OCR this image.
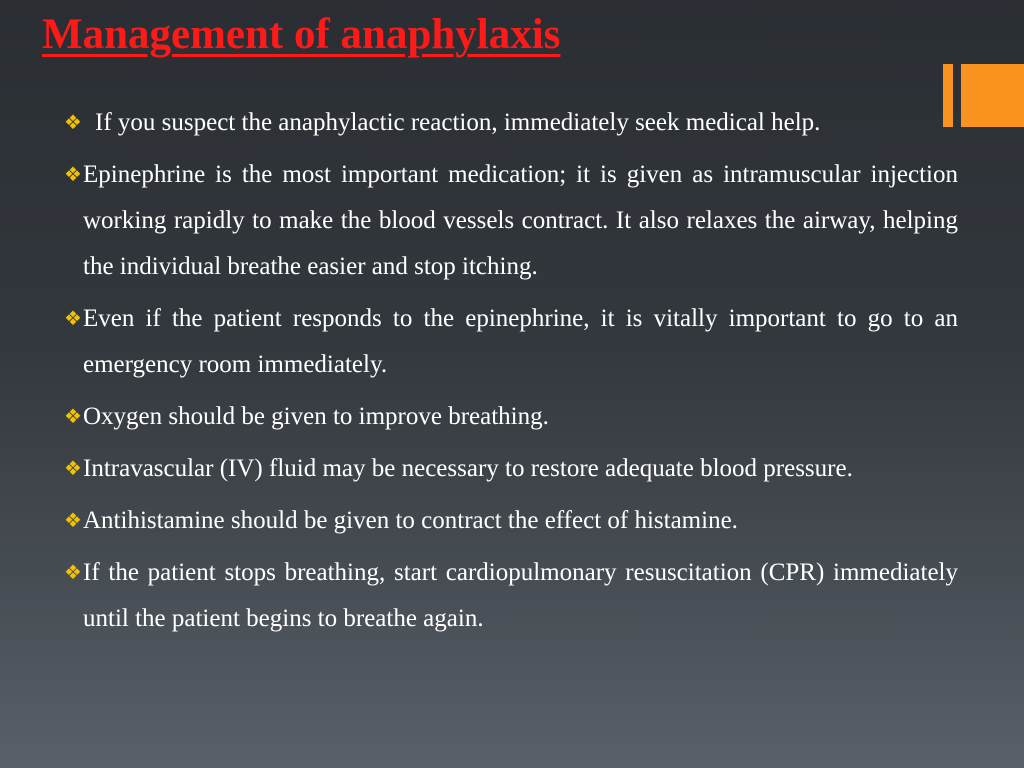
Management of anaphylaxis
❖ If you suspect the anaphylactic reaction, immediately seek medical help.
❖ Epinephrine is the most important medication; it is given as intramuscular injection working rapidly to make the blood vessels contract. It also relaxes the airway, helping the individual breathe easier and stop itching.
❖ Even if the patient responds to the epinephrine, it is vitally important to go to an emergency room immediately.
❖ Oxygen should be given to improve breathing.
❖ Intravascular (IV) fluid may be necessary to restore adequate blood pressure.
❖ Antihistamine should be given to contract the effect of histamine.
❖ If the patient stops breathing, start cardiopulmonary resuscitation (CPR) immediately until the patient begins to breathe again.
